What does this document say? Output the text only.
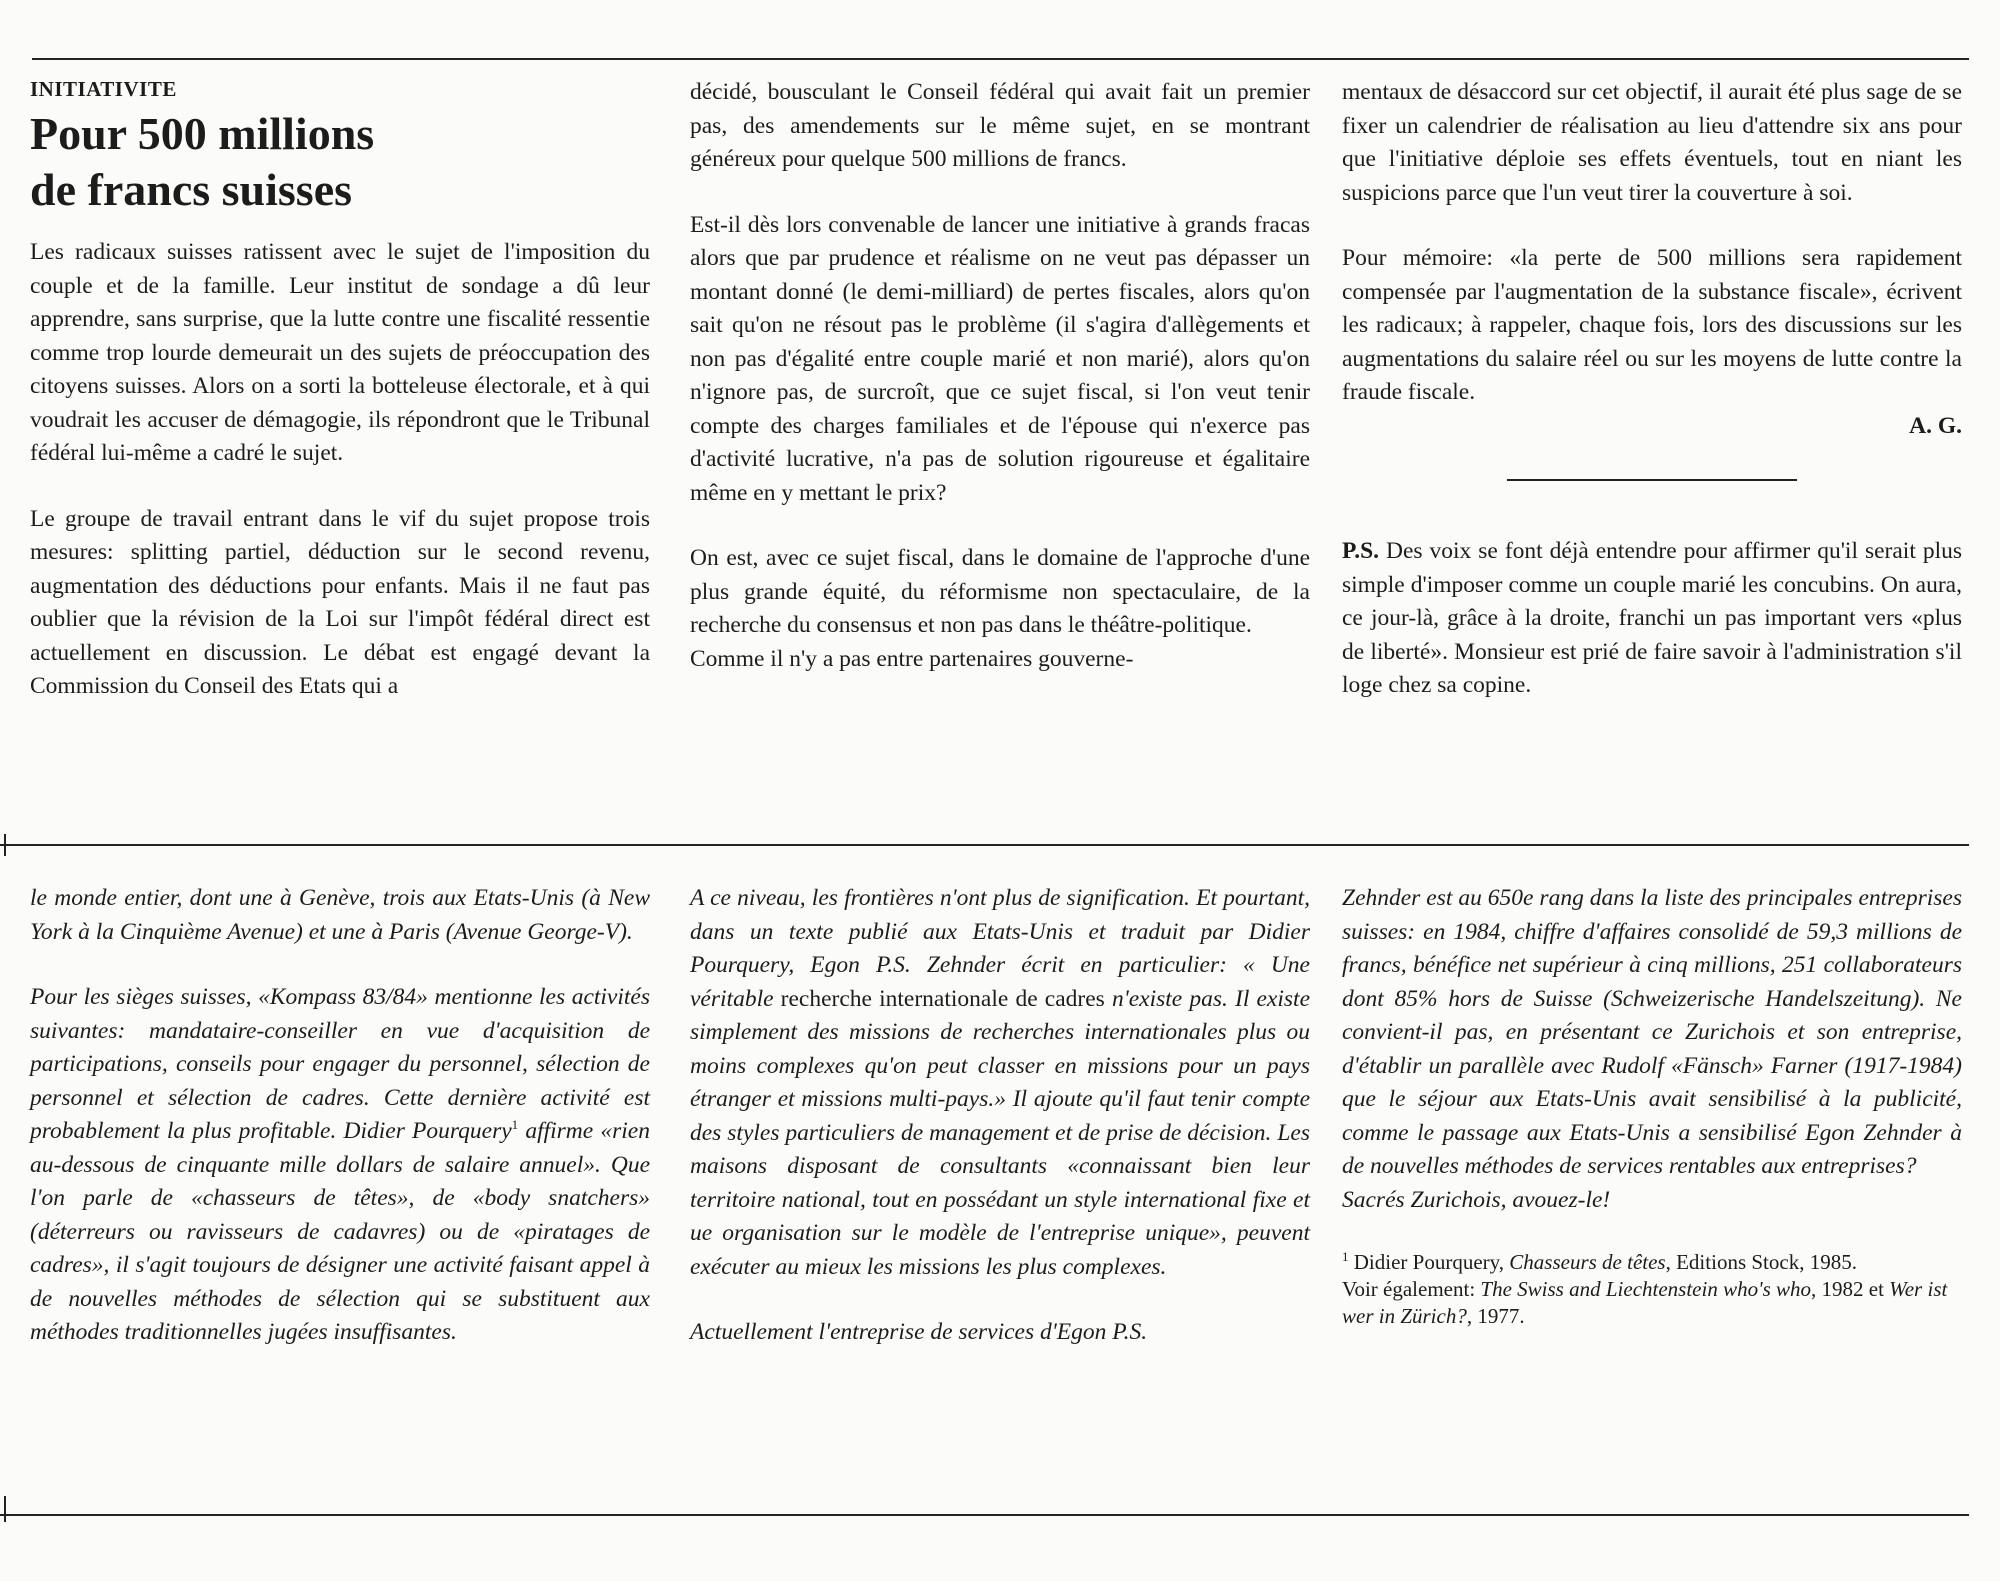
INITIATIVITE
Pour 500 millions
de francs suisses

Les radicaux suisses ratissent avec le sujet de l'imposition du couple et de la famille. Leur institut de sondage a dû leur apprendre, sans surprise, que la lutte contre une fiscalité ressentie comme trop lourde demeurait un des sujets de préoccupation des citoyens suisses. Alors on a sorti la botteleuse électorale, et à qui voudrait les accuser de démagogie, ils répondront que le Tribunal fédéral lui-même a cadré le sujet.

Le groupe de travail entrant dans le vif du sujet propose trois mesures: splitting partiel, déduction sur le second revenu, augmentation des déductions pour enfants. Mais il ne faut pas oublier que la révision de la Loi sur l'impôt fédéral direct est actuellement en discussion. Le débat est engagé devant la Commission du Conseil des Etats qui a

décidé, bousculant le Conseil fédéral qui avait fait un premier pas, des amendements sur le même sujet, en se montrant généreux pour quelque 500 millions de francs.

Est-il dès lors convenable de lancer une initiative à grands fracas alors que par prudence et réalisme on ne veut pas dépasser un montant donné (le demi-milliard) de pertes fiscales, alors qu'on sait qu'on ne résout pas le problème (il s'agira d'allègements et non pas d'égalité entre couple marié et non marié), alors qu'on n'ignore pas, de surcroît, que ce sujet fiscal, si l'on veut tenir compte des charges familiales et de l'épouse qui n'exerce pas d'activité lucrative, n'a pas de solution rigoureuse et égalitaire même en y mettant le prix?

On est, avec ce sujet fiscal, dans le domaine de l'approche d'une plus grande équité, du réformisme non spectaculaire, de la recherche du consensus et non pas dans le théâtre-politique.

Comme il n'y a pas entre partenaires gouverne-

mentaux de désaccord sur cet objectif, il aurait été plus sage de se fixer un calendrier de réalisation au lieu d'attendre six ans pour que l'initiative déploie ses effets éventuels, tout en niant les suspicions parce que l'un veut tirer la couverture à soi.

Pour mémoire: «la perte de 500 millions sera rapidement compensée par l'augmentation de la substance fiscale», écrivent les radicaux; à rappeler, chaque fois, lors des discussions sur les augmentations du salaire réel ou sur les moyens de lutte contre la fraude fiscale.

A. G.

P.S. Des voix se font déjà entendre pour affirmer qu'il serait plus simple d'imposer comme un couple marié les concubins. On aura, ce jour-là, grâce à la droite, franchi un pas important vers «plus de liberté». Monsieur est prié de faire savoir à l'administration s'il loge chez sa copine.

le monde entier, dont une à Genève, trois aux Etats-Unis (à New York à la Cinquième Avenue) et une à Paris (Avenue George-V).

Pour les sièges suisses, «Kompass 83/84» mentionne les activités suivantes: mandataire-conseiller en vue d'acquisition de participations, conseils pour engager du personnel, sélection de personnel et sélection de cadres. Cette dernière activité est probablement la plus profitable. Didier Pourquery$^1$ affirme «rien au-dessous de cinquante mille dollars de salaire annuel». Que l'on parle de «chasseurs de têtes», de «body snatchers» (déterreurs ou ravisseurs de cadavres) ou de «piratages de cadres», il s'agit toujours de désigner une activité faisant appel à de nouvelles méthodes de sélection qui se substituent aux méthodes traditionnelles jugées insuffisantes.

A ce niveau, les frontières n'ont plus de signification. Et pourtant, dans un texte publié aux Etats-Unis et traduit par Didier Pourquery, Egon P.S. Zehnder écrit en particulier: « Une véritable recherche internationale de cadres n'existe pas. Il existe simplement des missions de recherches internationales plus ou moins complexes qu'on peut classer en missions pour un pays étranger et missions multi-pays.» Il ajoute qu'il faut tenir compte des styles particuliers de management et de prise de décision. Les maisons disposant de consultants «connaissant bien leur territoire national, tout en possédant un style international fixe et ue organisation sur le modèle de l'entreprise unique», peuvent exécuter au mieux les missions les plus complexes.

Actuellement l'entreprise de services d'Egon P.S.

Zehnder est au 650e rang dans la liste des principales entreprises suisses: en 1984, chiffre d'affaires consolidé de 59,3 millions de francs, bénéfice net supérieur à cinq millions, 251 collaborateurs dont 85% hors de Suisse (Schweizerische Handelszeitung). Ne convient-il pas, en présentant ce Zurichois et son entreprise, d'établir un parallèle avec Rudolf «Fänsch» Farner (1917-1984) que le séjour aux Etats-Unis avait sensibilisé à la publicité, comme le passage aux Etats-Unis a sensibilisé Egon Zehnder à de nouvelles méthodes de services rentables aux entreprises?

Sacrés Zurichois, avouez-le!

$^1$ Didier Pourquery, Chasseurs de têtes, Editions Stock, 1985.

Voir également: The Swiss and Liechtenstein who's who, 1982 et Wer ist wer in Zürich?, 1977.
